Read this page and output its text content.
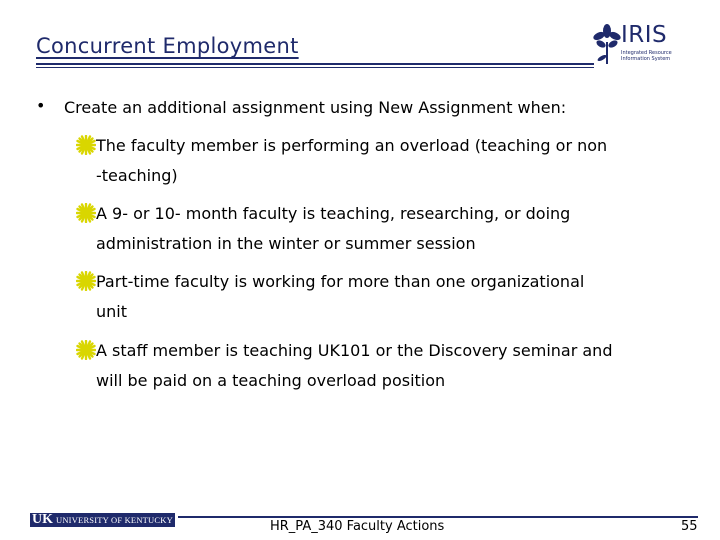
Concurrent Employment	IRIS
Integrated Resource Information System
• Create an additional assignment using New Assignment when:
The faculty member is performing an overload (teaching or non
-teaching)
A 9- or 10- month faculty is teaching, researching, or doing
administration in the winter or summer session
Part-time faculty is working for more than one organizational
unit
A staff member is teaching UK101 or the Discovery seminar and
will be paid on a teaching overload position
UK UNIVERSITY OF KENTUCKY	HR_PA_340 Faculty Actions	55
